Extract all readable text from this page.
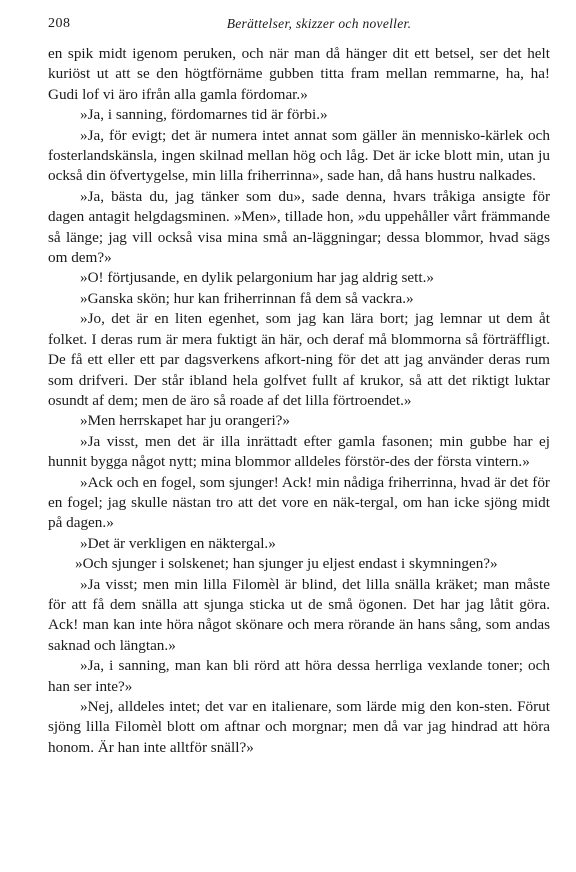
208	Berättelser, skizzer och noveller.

en spik midt igenom peruken, och när man då hänger dit ett betsel, ser det helt kuriöst ut att se den högtförnäme gubben titta fram mellan remmarne, ha, ha! Gudi lof vi äro ifrån alla gamla fördomar.»

»Ja, i sanning, fördomarnes tid är förbi.»

»Ja, för evigt; det är numera intet annat som gäller än mennisko-kärlek och fosterlandskänsla, ingen skilnad mellan hög och låg. Det är icke blott min, utan ju också din öfvertygelse, min lilla friherrinna», sade han, då hans hustru nalkades.

»Ja, bästa du, jag tänker som du», sade denna, hvars tråkiga ansigte för dagen antagit helgdagsminen. »Men», tillade hon, »du uppehåller vårt främmande så länge; jag vill också visa mina små an-läggningar; dessa blommor, hvad sägs om dem?»

»O! förtjusande, en dylik pelargonium har jag aldrig sett.»

»Ganska skön; hur kan friherrinnan få dem så vackra.»

»Jo, det är en liten egenhet, som jag kan lära bort; jag lemnar ut dem åt folket. I deras rum är mera fuktigt än här, och deraf må blommorna så förträffligt. De få ett eller ett par dagsverkens afkort-ning för det att jag använder deras rum som drifveri. Der står ibland hela golfvet fullt af krukor, så att det riktigt luktar osundt af dem; men de äro så roade af det lilla förtroendet.»

»Men herrskapet har ju orangeri?»

»Ja visst, men det är illa inrättadt efter gamla fasonen; min gubbe har ej hunnit bygga något nytt; mina blommor alldeles förstör-des der första vintern.»

»Ack och en fogel, som sjunger! Ack! min nådiga friherrinna, hvad är det för en fogel; jag skulle nästan tro att det vore en näk-tergal, om han icke sjöng midt på dagen.»

»Det är verkligen en näktergal.»

»Och sjunger i solskenet; han sjunger ju eljest endast i skymningen?»

»Ja visst; men min lilla Filomèl är blind, det lilla snälla kräket; man måste för att få dem snälla att sjunga sticka ut de små ögonen. Det har jag låtit göra. Ack! man kan inte höra något skönare och mera rörande än hans sång, som andas saknad och längtan.»

»Ja, i sanning, man kan bli rörd att höra dessa herrliga vexlande toner; och han ser inte?»

»Nej, alldeles intet; det var en italienare, som lärde mig den kon-sten. Förut sjöng lilla Filomèl blott om aftnar och morgnar; men då var jag hindrad att höra honom. Är han inte alltför snäll?»
